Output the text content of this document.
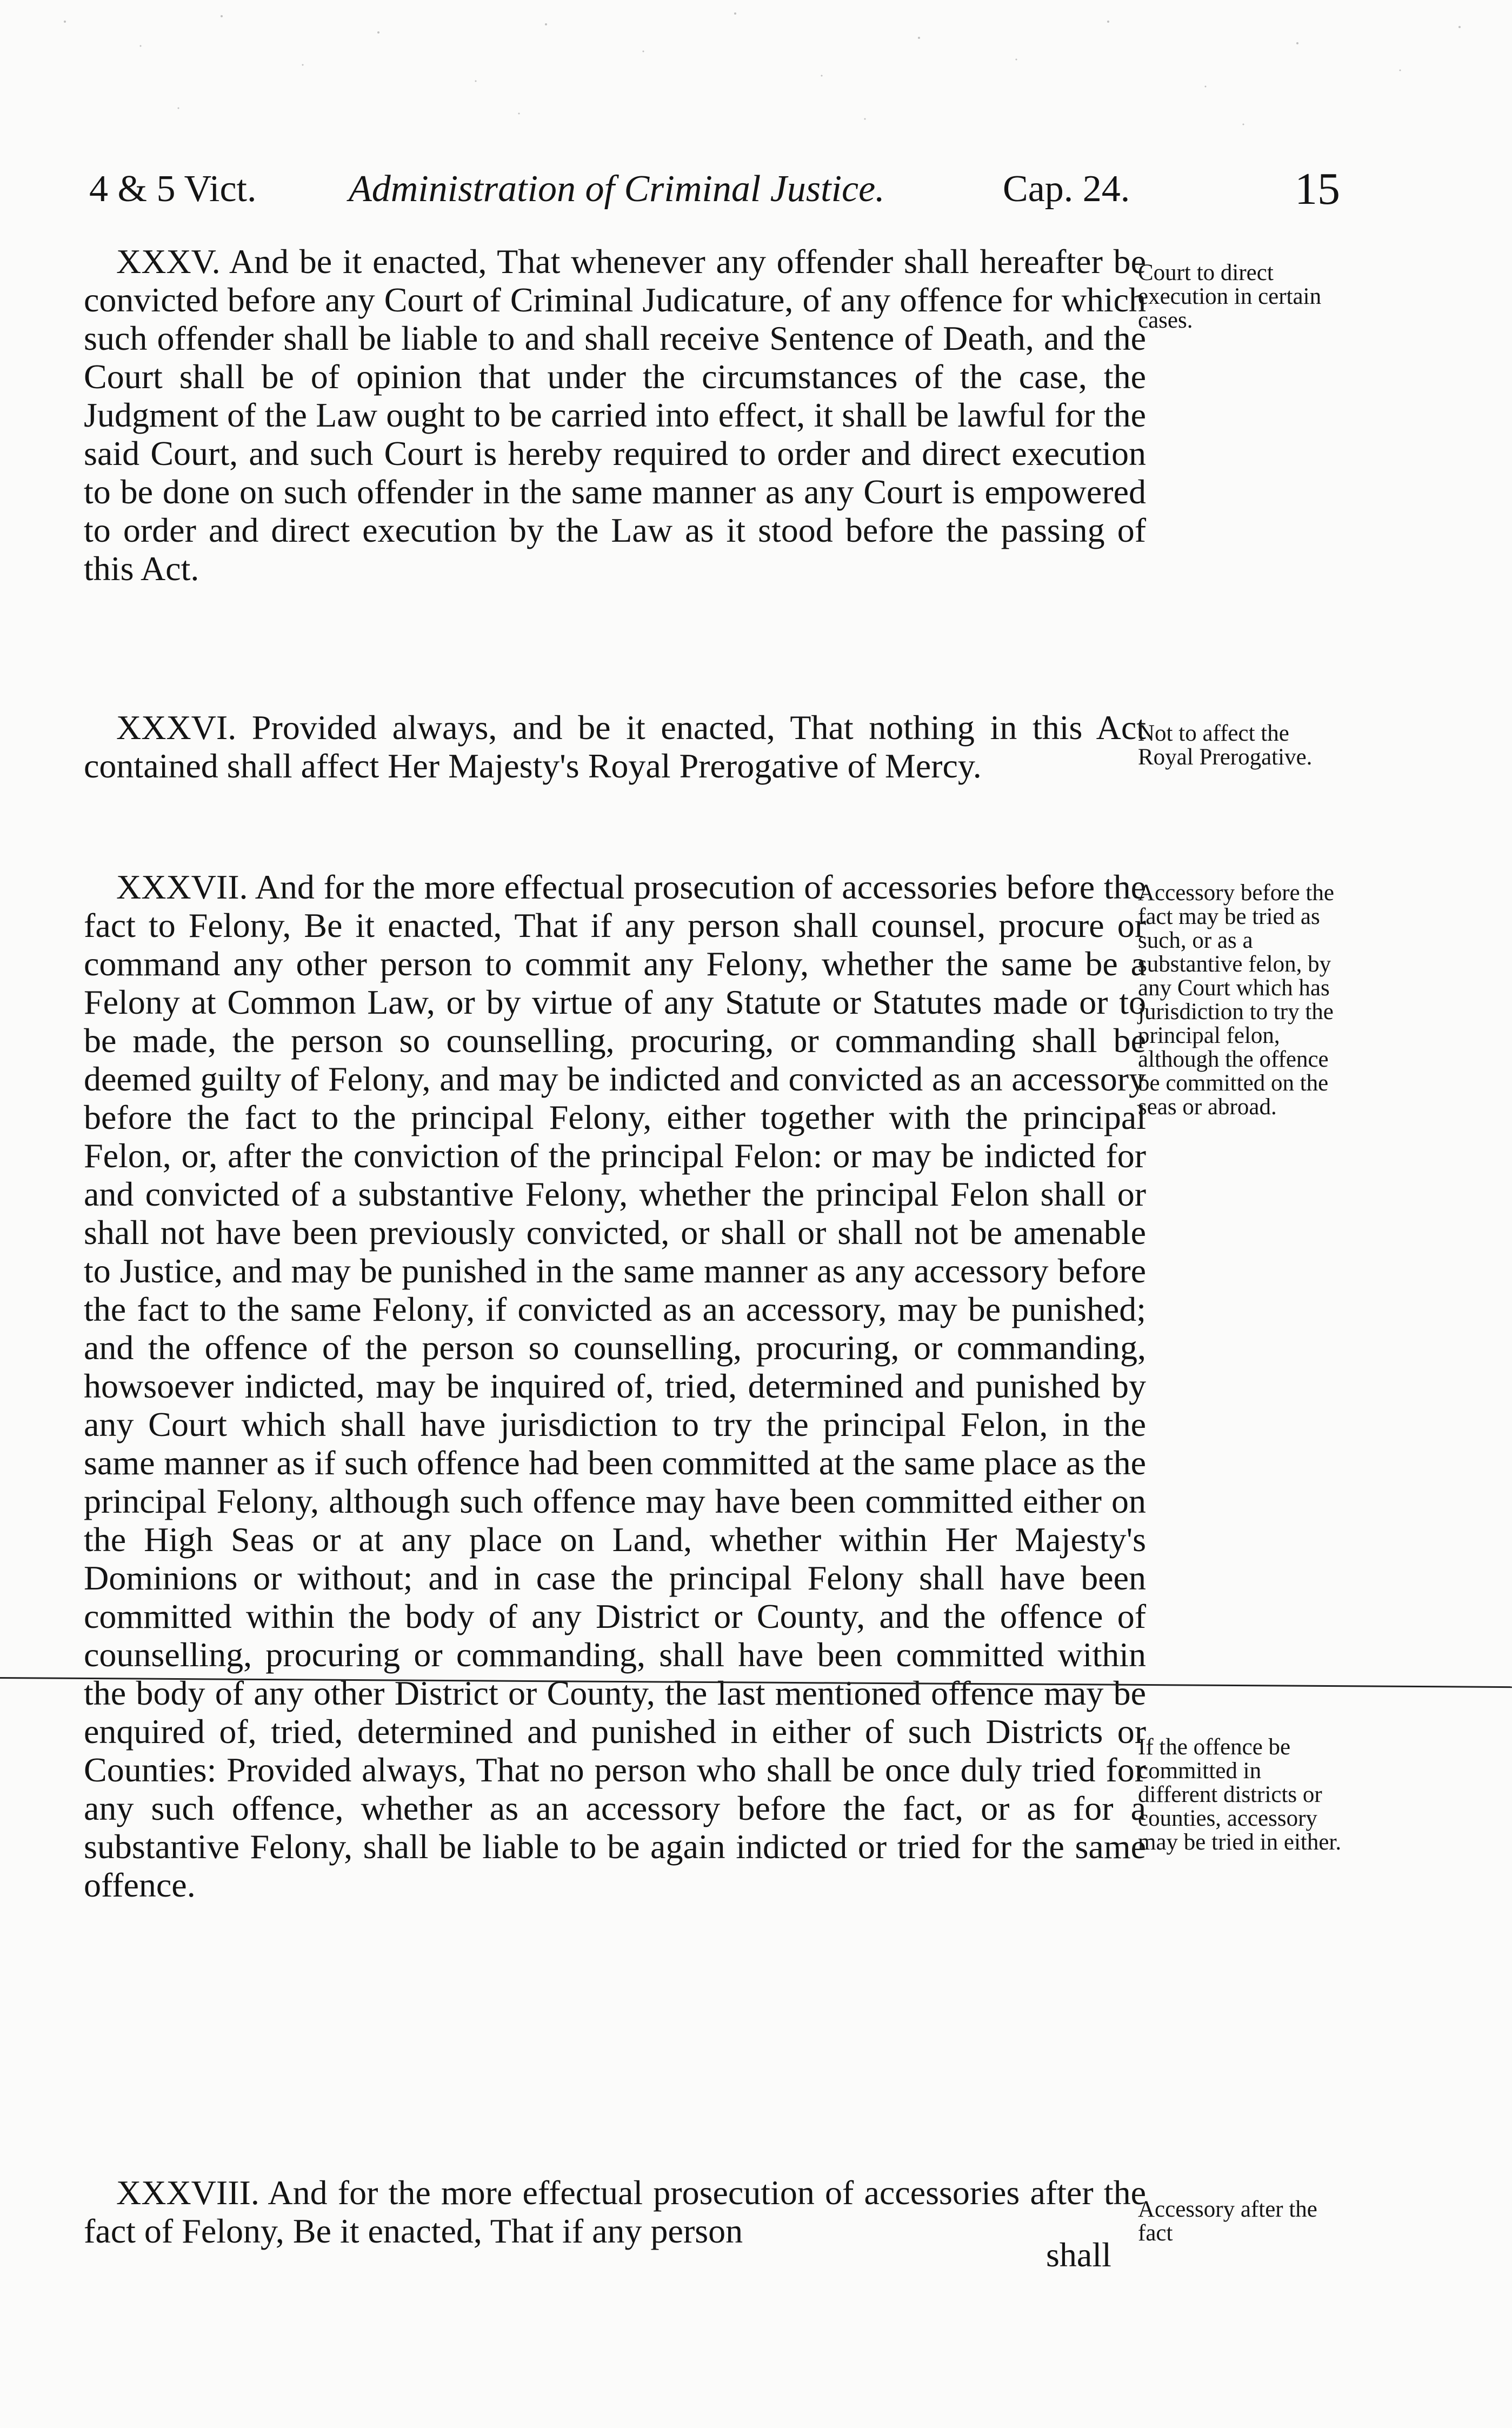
4 & 5 Vict. Administration of Criminal Justice.	Cap. 24.	15

XXXV. And be it enacted, That whenever any offender shall hereafter be convicted before any Court of Criminal Judicature, of any offence for which such offender shall be liable to and shall receive Sentence of Death, and the Court shall be of opinion that under the circumstances of the case, the Judgment of the Law ought to be carried into effect, it shall be lawful for the said Court, and such Court is hereby required to order and direct execution to be done on such offender in the same manner as any Court is empowered to order and direct execution by the Law as it stood before the passing of this Act.

Court to direct execution in certain cases.

XXXVI. Provided always, and be it enacted, That nothing in this Act contained shall affect Her Majesty's Royal Prerogative of Mercy.

Not to affect the Royal Prerogative.

XXXVII. And for the more effectual prosecution of accessories before the fact to Felony, Be it enacted, That if any person shall counsel, procure or command any other person to commit any Felony, whether the same be a Felony at Common Law, or by virtue of any Statute or Statutes made or to be made, the person so counselling, procuring, or commanding shall be deemed guilty of Felony, and may be indicted and convicted as an accessory before the fact to the principal Felony, either together with the principal Felon, or, after the conviction of the principal Felon: or may be indicted for and convicted of a substantive Felony, whether the principal Felon shall or shall not have been previously convicted, or shall or shall not be amenable to Justice, and may be punished in the same manner as any accessory before the fact to the same Felony, if convicted as an accessory, may be punished; and the offence of the person so counselling, procuring, or commanding, howsoever indicted, may be inquired of, tried, determined and punished by any Court which shall have jurisdiction to try the principal Felon, in the same manner as if such offence had been committed at the same place as the principal Felony, although such offence may have been committed either on the High Seas or at any place on Land, whether within Her Majesty's Dominions or without; and in case the principal Felony shall have been committed within the body of any District or County, and the offence of counselling, procuring or commanding, shall have been committed within the body of any other District or County, the last mentioned offence may be enquired of, tried, determined and punished in either of such Districts or Counties: Provided always, That no person who shall be once duly tried for any such offence, whether as an accessory before the fact, or as for a substantive Felony, shall be liable to be again indicted or tried for the same offence.

Accessory before the fact may be tried as such, or as a substantive felon, by any Court which has jurisdiction to try the principal felon, although the offence be committed on the seas or abroad.

If the offence be committed in different districts or counties, accessory may be tried in either.

XXXVIII. And for the more effectual prosecution of accessories after the fact of Felony, Be it enacted, That if any person

Accessory after the fact

shall
